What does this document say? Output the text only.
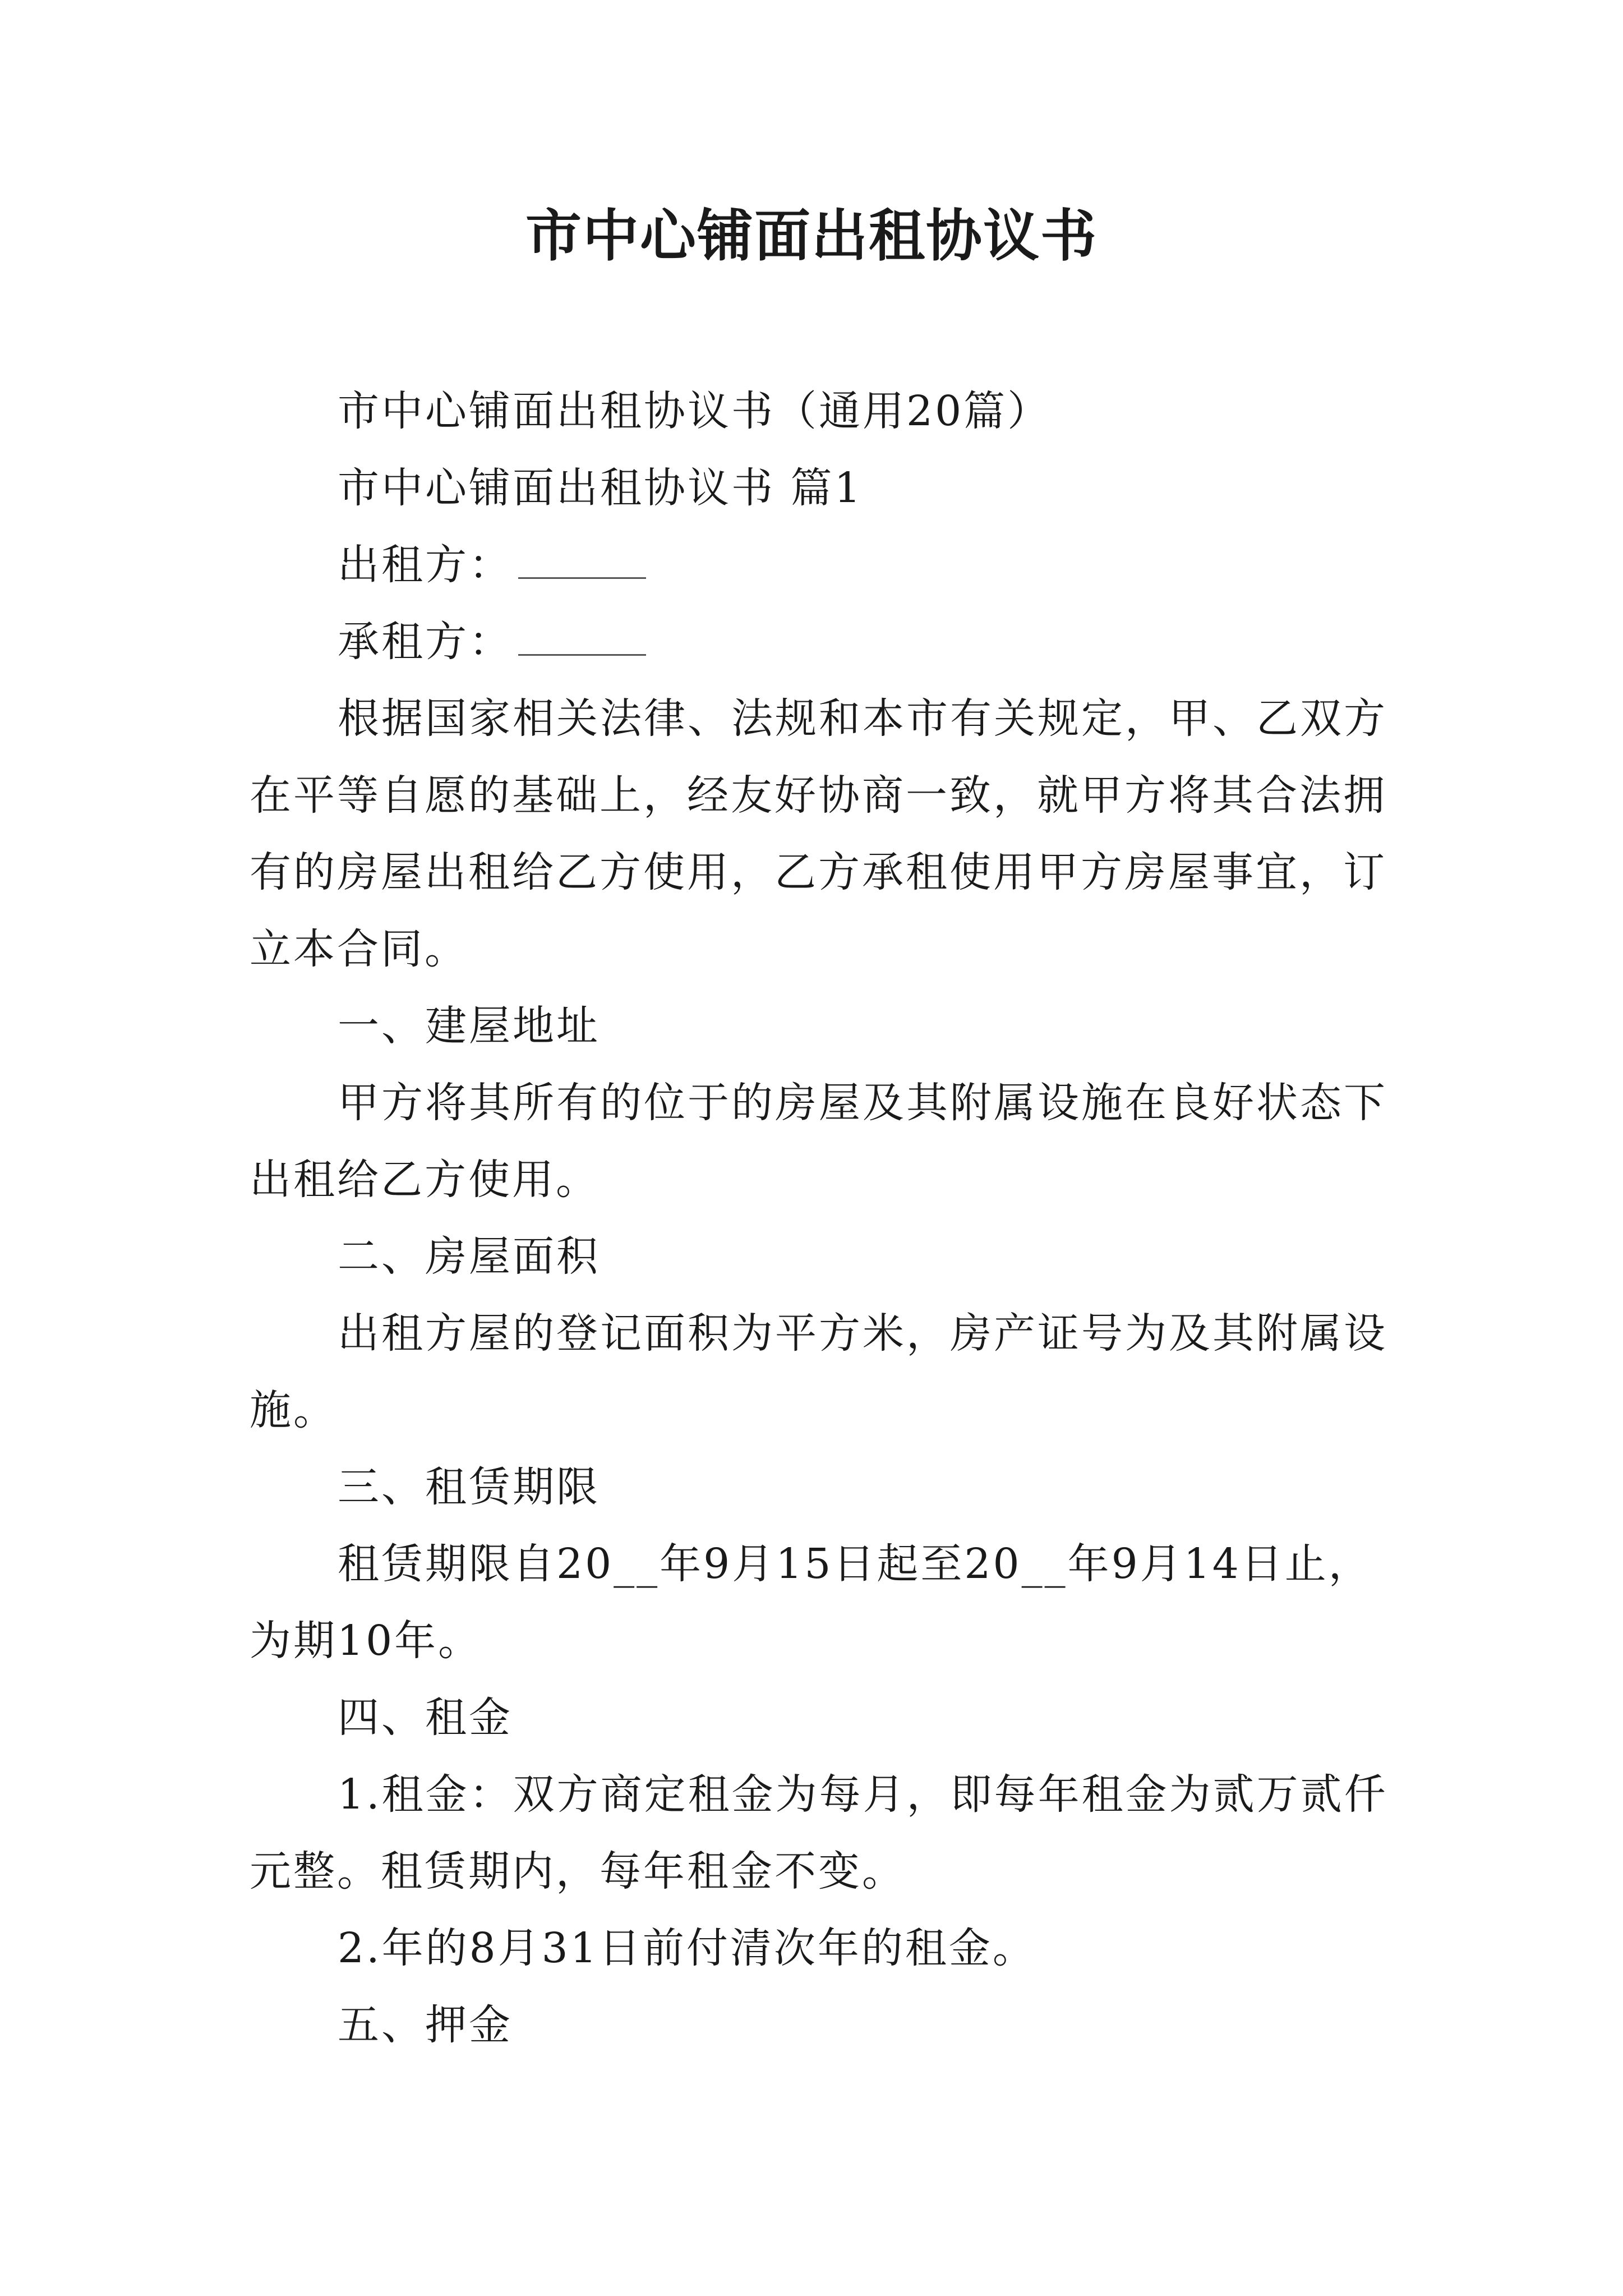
市中心铺面出租协议书

市中心铺面出租协议书（通用20篇）

市中心铺面出租协议书 篇1

出租方：

承租方：

根据国家相关法律、法规和本市有关规定，甲、乙双方在平等自愿的基础上，经友好协商一致，就甲方将其合法拥有的房屋出租给乙方使用，乙方承租使用甲方房屋事宜，订立本合同。

一、建屋地址

甲方将其所有的位于的房屋及其附属设施在良好状态下出租给乙方使用。

二、房屋面积

出租方屋的登记面积为平方米，房产证号为及其附属设施。

三、租赁期限

租赁期限自20__年9月15日起至20__年9月14日止，为期10年。

四、租金

1.租金：双方商定租金为每月，即每年租金为贰万贰仟元整。租赁期内，每年租金不变。

2.年的8月31日前付清次年的租金。

五、押金
